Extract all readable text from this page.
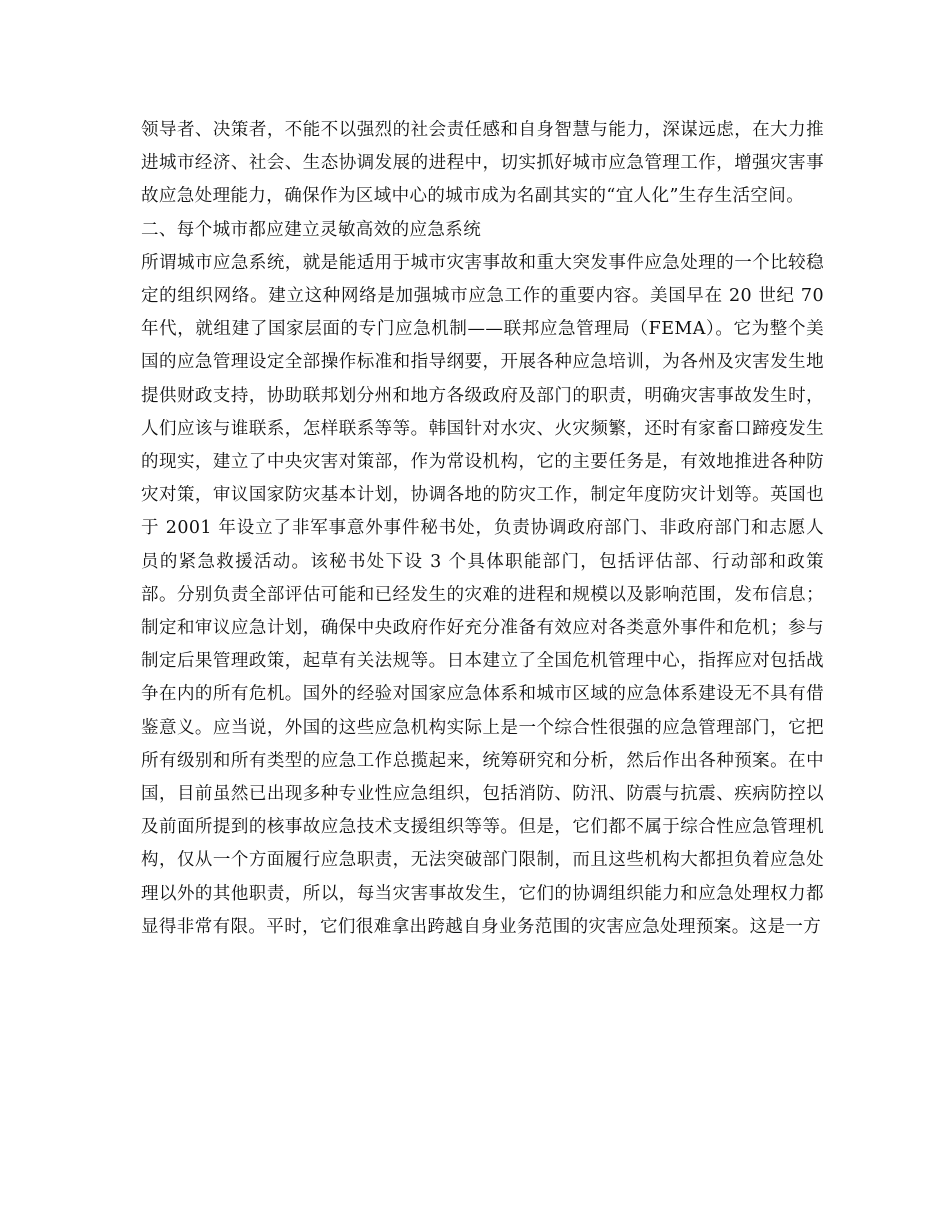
领导者、决策者，不能不以强烈的社会责任感和自身智慧与能力，深谋远虑，在大力推进城市经济、社会、生态协调发展的进程中，切实抓好城市应急管理工作，增强灾害事故应急处理能力，确保作为区域中心的城市成为名副其实的“宜人化”生存生活空间。

二、每个城市都应建立灵敏高效的应急系统

所谓城市应急系统，就是能适用于城市灾害事故和重大突发事件应急处理的一个比较稳定的组织网络。建立这种网络是加强城市应急工作的重要内容。美国早在 20 世纪 70 年代，就组建了国家层面的专门应急机制——联邦应急管理局（FEMA）。它为整个美国的应急管理设定全部操作标准和指导纲要，开展各种应急培训，为各州及灾害发生地提供财政支持，协助联邦划分州和地方各级政府及部门的职责，明确灾害事故发生时，人们应该与谁联系，怎样联系等等。韩国针对水灾、火灾频繁，还时有家畜口蹄疫发生的现实，建立了中央灾害对策部，作为常设机构，它的主要任务是，有效地推进各种防灾对策，审议国家防灾基本计划，协调各地的防灾工作，制定年度防灾计划等。英国也于 2001 年设立了非军事意外事件秘书处，负责协调政府部门、非政府部门和志愿人员的紧急救援活动。该秘书处下设 3 个具体职能部门，包括评估部、行动部和政策部。分别负责全部评估可能和已经发生的灾难的进程和规模以及影响范围，发布信息；制定和审议应急计划，确保中央政府作好充分准备有效应对各类意外事件和危机；参与制定后果管理政策，起草有关法规等。日本建立了全国危机管理中心，指挥应对包括战争在内的所有危机。国外的经验对国家应急体系和城市区域的应急体系建设无不具有借鉴意义。应当说，外国的这些应急机构实际上是一个综合性很强的应急管理部门，它把所有级别和所有类型的应急工作总揽起来，统筹研究和分析，然后作出各种预案。在中国，目前虽然已出现多种专业性应急组织，包括消防、防汛、防震与抗震、疾病防控以及前面所提到的核事故应急技术支援组织等等。但是，它们都不属于综合性应急管理机构，仅从一个方面履行应急职责，无法突破部门限制，而且这些机构大都担负着应急处理以外的其他职责，所以，每当灾害事故发生，它们的协调组织能力和应急处理权力都显得非常有限。平时，它们很难拿出跨越自身业务范围的灾害应急处理预案。这是一方
